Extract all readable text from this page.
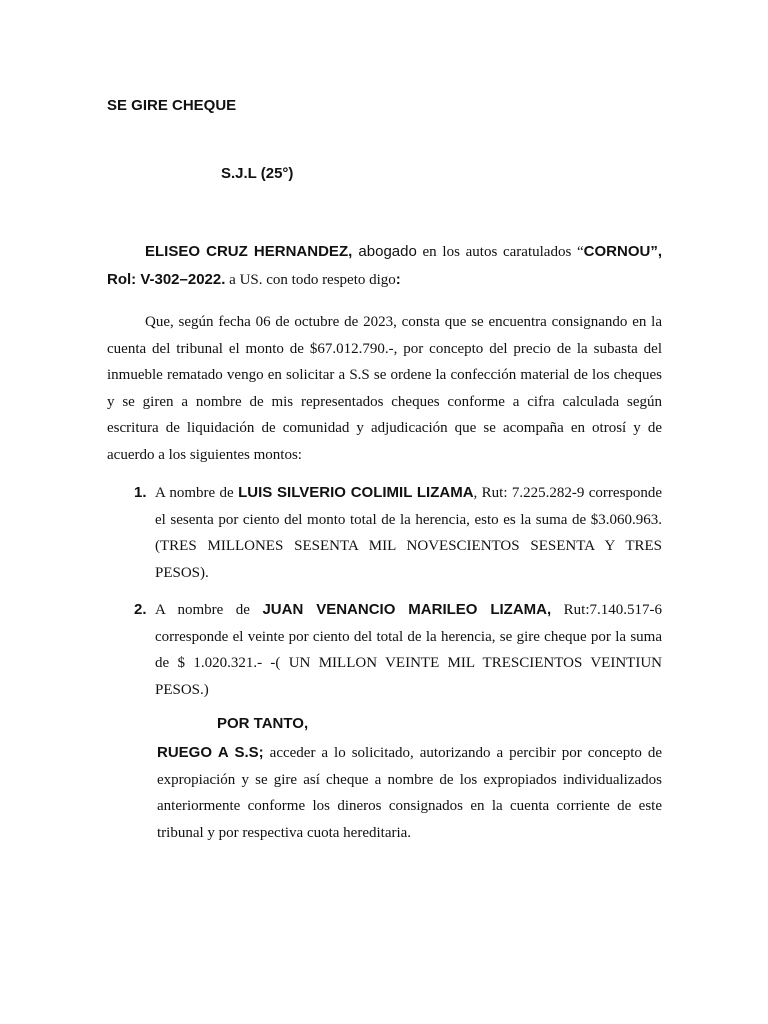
SE GIRE CHEQUE
S.J.L (25°)
ELISEO CRUZ HERNANDEZ, abogado en los autos caratulados “CORNOU”, Rol: V-302–2022. a US. con todo respeto digo:
Que, según fecha 06 de octubre de 2023, consta que se encuentra consignando en la cuenta del tribunal el monto de $67.012.790.-, por concepto del precio de la subasta del inmueble rematado vengo en solicitar a S.S se ordene la confección material de los cheques y se giren a nombre de mis representados cheques conforme a cifra calculada según escritura de liquidación de comunidad y adjudicación que se acompaña en otrosí y de acuerdo a los siguientes montos:
1. A nombre de LUIS SILVERIO COLIMIL LIZAMA, Rut: 7.225.282-9 corresponde el sesenta por ciento del monto total de la herencia, esto es la suma de $3.060.963. (TRES MILLONES SESENTA MIL NOVESCIENTOS SESENTA Y TRES PESOS).
2. A nombre de JUAN VENANCIO MARILEO LIZAMA, Rut:7.140.517-6 corresponde el veinte por ciento del total de la herencia, se gire cheque por la suma de $ 1.020.321.- -( UN MILLON VEINTE MIL TRESCIENTOS VEINTIUN PESOS.)
POR TANTO,
RUEGO A S.S; acceder a lo solicitado, autorizando a percibir por concepto de expropiación y se gire así cheque a nombre de los expropiados individualizados anteriormente conforme los dineros consignados en la cuenta corriente de este tribunal y por respectiva cuota hereditaria.
